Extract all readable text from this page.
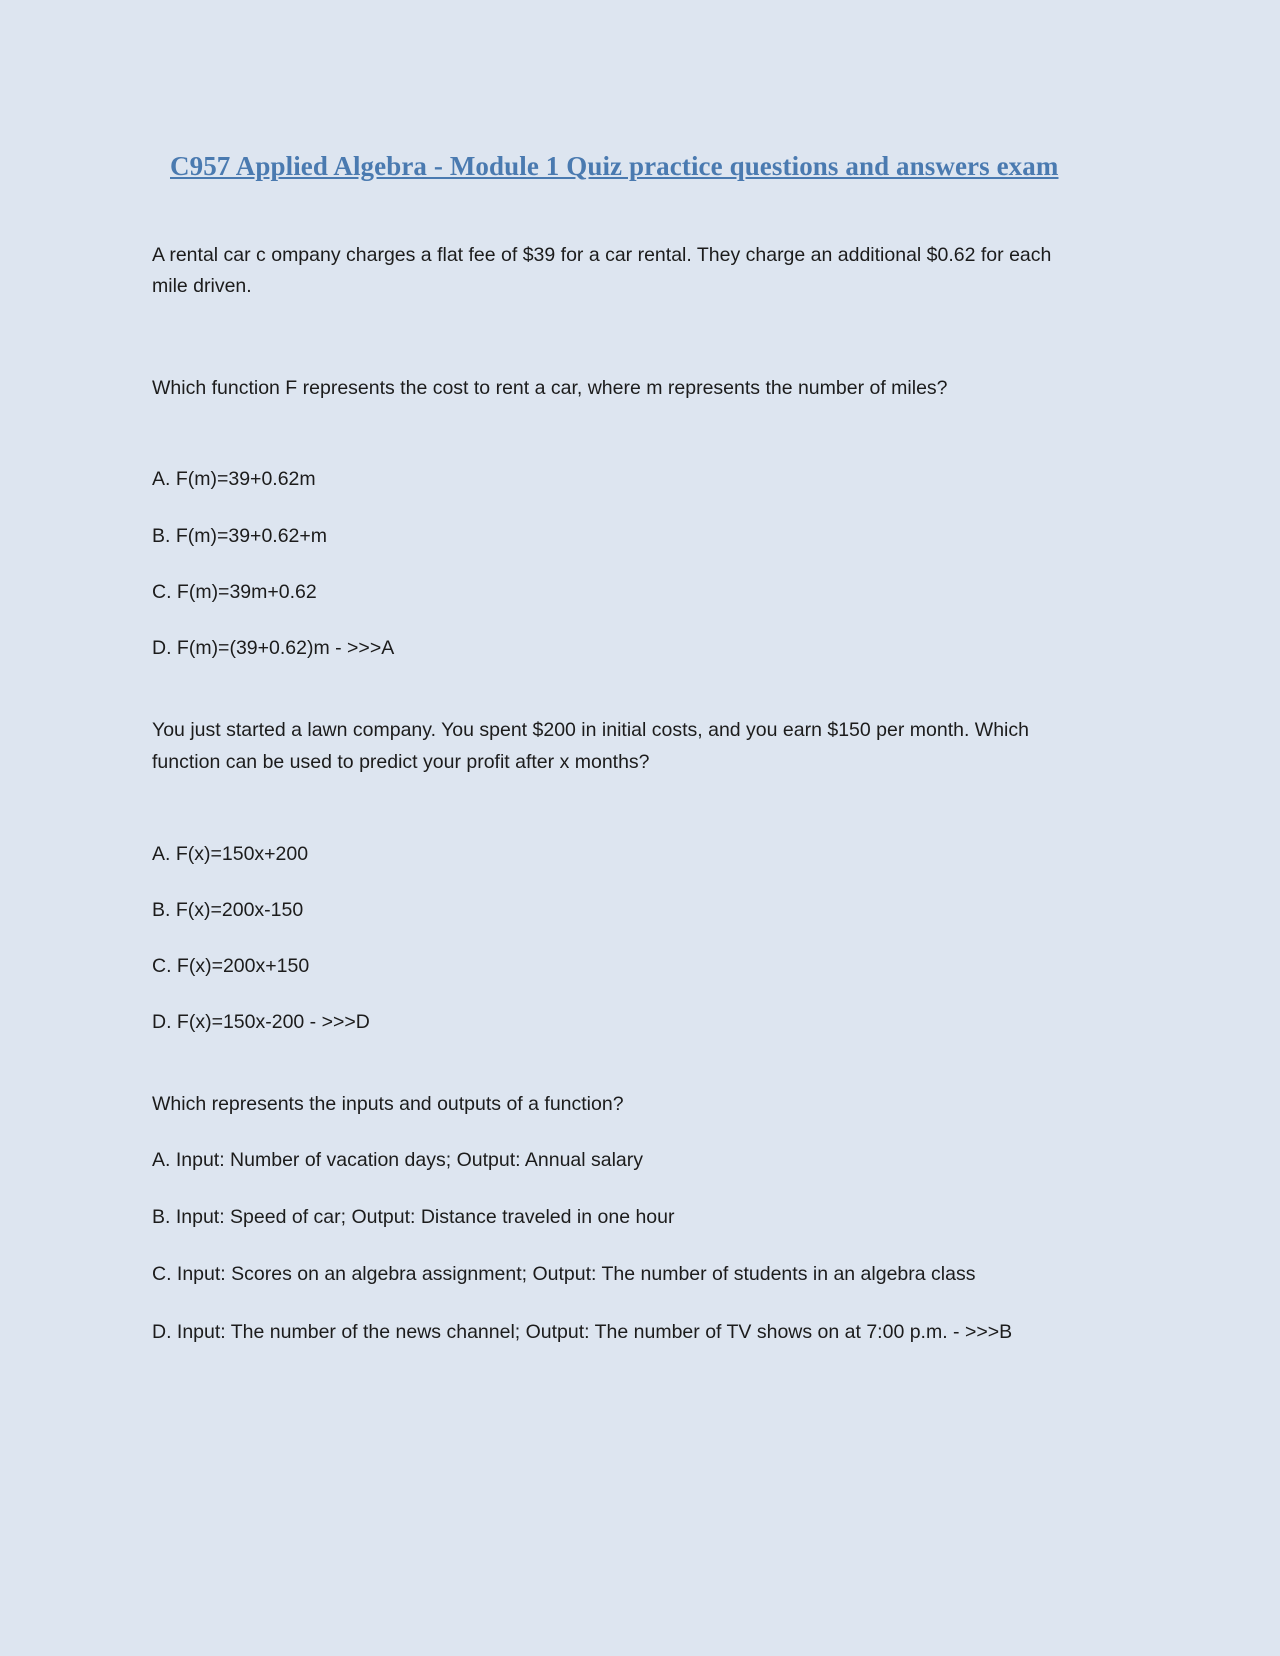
C957 Applied Algebra - Module 1 Quiz practice questions and answers exam

A rental car c ompany charges a flat fee of $39 for a car rental. They charge an additional $0.62 for each mile driven.

Which function F represents the cost to rent a car, where m represents the number of miles?

A. F(m)=39+0.62m

B. F(m)=39+0.62+m

C. F(m)=39m+0.62

D. F(m)=(39+0.62)m - >>>A

You just started a lawn company. You spent $200 in initial costs, and you earn $150 per month. Which function can be used to predict your profit after x months?

A. F(x)=150x+200

B. F(x)=200x-150

C. F(x)=200x+150

D. F(x)=150x-200 - >>>D

Which represents the inputs and outputs of a function?

A. Input: Number of vacation days; Output: Annual salary

B. Input: Speed of car; Output: Distance traveled in one hour

C. Input: Scores on an algebra assignment; Output: The number of students in an algebra class

D. Input: The number of the news channel; Output: The number of TV shows on at 7:00 p.m. - >>>B
